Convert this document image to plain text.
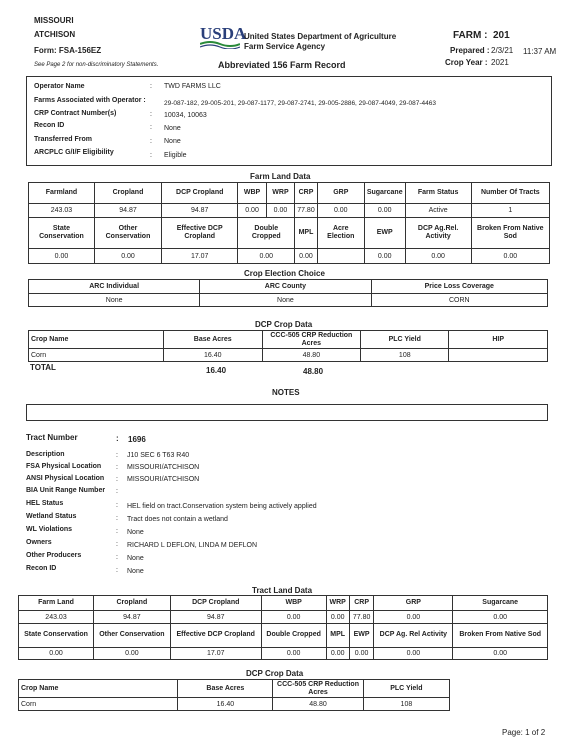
MISSOURI
ATCHISON
Form: FSA-156EZ
See Page 2 for non-discriminatory Statements.
USDA
United States Department of Agriculture
Farm Service Agency
Abbreviated 156 Farm Record
FARM : 201
Prepared : 2/3/21 11:37 AM
Crop Year : 2021
Operator Name	: TWD FARMS LLC
Farms Associated with Operator :	29-087-182, 29-005-201, 29-087-1177, 29-087-2741, 29-005-2886, 29-087-4049, 29-087-4463
CRP Contract Number(s)	: 10034, 10063
Recon ID	: None
Transferred From	: None
ARCPLC G/I/F Eligibility	: Eligible
Farm Land Data
Farmland	Cropland	DCP Cropland	WBP	WRP	CRP	GRP	Sugarcane	Farm Status	Number Of Tracts
243.03	94.87	94.87	0.00	0.00	77.80	0.00	0.00	Active	1
State Conservation	Other Conservation	Effective DCP Cropland	Double Cropped		MPL	Acre Election	EWP	DCP Ag.Rel. Activity	Broken From Native Sod
0.00	0.00	17.07	0.00		0.00		0.00	0.00	0.00
Crop Election Choice
ARC Individual	ARC County	Price Loss Coverage
None	None	CORN
DCP Crop Data
Crop Name	Base Acres	CCC-505 CRP Reduction Acres	PLC Yield	HIP
Corn	16.40	48.80	108	
TOTAL	16.40	48.80
NOTES
Tract Number	: 1696
Description	: J10 SEC 6 T63 R40
FSA Physical Location : MISSOURI/ATCHISON
ANSI Physical Location : MISSOURI/ATCHISON
BIA Unit Range Number :
HEL Status	: HEL field on tract.Conservation system being actively applied
Wetland Status	: Tract does not contain a wetland
WL Violations	: None
Owners	: RICHARD L DEFLON, LINDA M DEFLON
Other Producers	: None
Recon ID	: None
Tract Land Data
Farm Land	Cropland	DCP Cropland	WBP	WRP	CRP	GRP	Sugarcane
243.03	94.87	94.87	0.00	0.00	77.80	0.00	0.00
State Conservation	Other Conservation	Effective DCP Cropland	Double Cropped	MPL	EWP	DCP Ag. Rel Activity	Broken From Native Sod
0.00	0.00	17.07	0.00	0.00	0.00	0.00	0.00
DCP Crop Data
Crop Name	Base Acres	CCC-505 CRP Reduction Acres	PLC Yield
Corn	16.40	48.80	108
Page: 1 of 2
